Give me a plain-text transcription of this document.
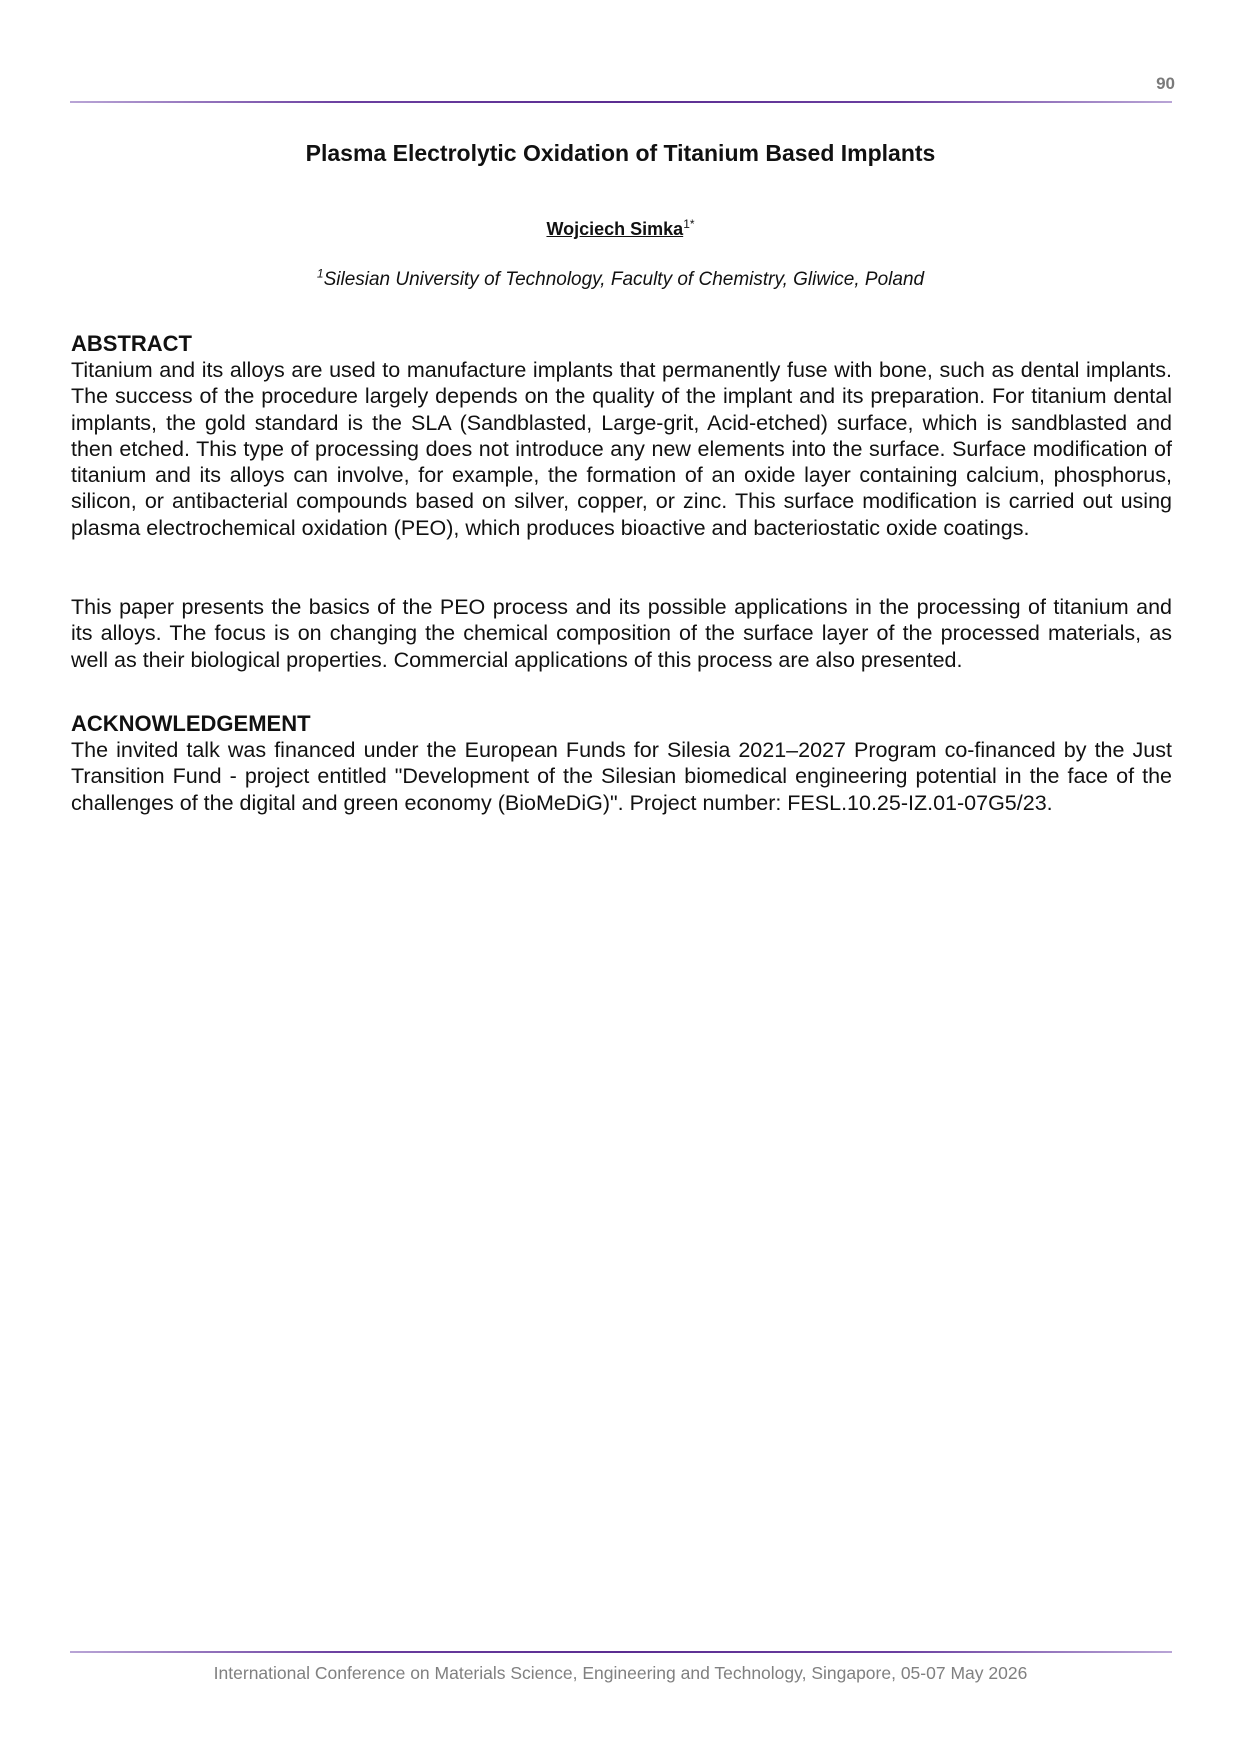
90
Plasma Electrolytic Oxidation of Titanium Based Implants
Wojciech Simka$^{1*}$
$^1$Silesian University of Technology, Faculty of Chemistry, Gliwice, Poland
ABSTRACT

Titanium and its alloys are used to manufacture implants that permanently fuse with bone, such as dental implants. The success of the procedure largely depends on the quality of the implant and its preparation. For titanium dental implants, the gold standard is the SLA (Sandblasted, Large-grit, Acid-etched) surface, which is sandblasted and then etched. This type of processing does not introduce any new elements into the surface. Surface modification of titanium and its alloys can involve, for example, the formation of an oxide layer containing calcium, phosphorus, silicon, or antibacterial compounds based on silver, copper, or zinc. This surface modification is carried out using plasma electrochemical oxidation (PEO), which produces bioactive and bacteriostatic oxide coatings.

This paper presents the basics of the PEO process and its possible applications in the processing of titanium and its alloys. The focus is on changing the chemical composition of the surface layer of the processed materials, as well as their biological properties. Commercial applications of this process are also presented.

ACKNOWLEDGEMENT

The invited talk was financed under the European Funds for Silesia 2021–2027 Program co-financed by the Just Transition Fund - project entitled "Development of the Silesian biomedical engineering potential in the face of the challenges of the digital and green economy (BioMeDiG)". Project number: FESL.10.25-IZ.01-07G5/23.

International Conference on Materials Science, Engineering and Technology, Singapore, 05-07 May 2026
